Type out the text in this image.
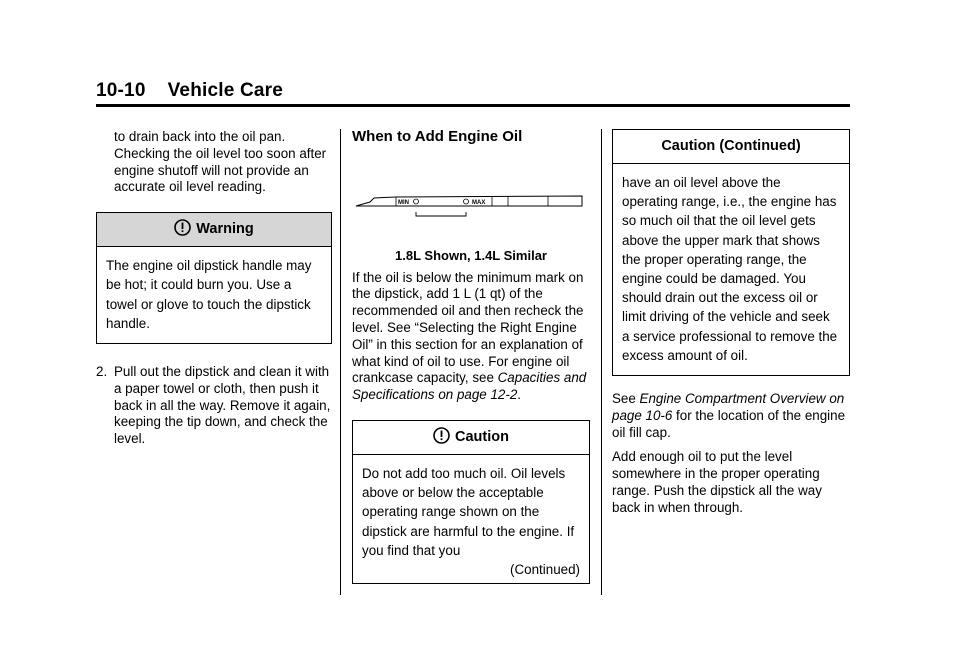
10-10 Vehicle Care

to drain back into the oil pan. Checking the oil level too soon after engine shutoff will not provide an accurate oil level reading.

Warning

The engine oil dipstick handle may be hot; it could burn you. Use a towel or glove to touch the dipstick handle.

2. Pull out the dipstick and clean it with a paper towel or cloth, then push it back in all the way. Remove it again, keeping the tip down, and check the level.
When to Add Engine Oil
MIN	MAX
1.8L Shown, 1.4L Similar

If the oil is below the minimum mark on the dipstick, add 1 L (1 qt) of the recommended oil and then recheck the level. See “Selecting the Right Engine Oil” in this section for an explanation of what kind of oil to use. For engine oil crankcase capacity, see Capacities and Specifications on page 12-2.

Caution

Do not add too much oil. Oil levels above or below the acceptable operating range shown on the dipstick are harmful to the engine. If you find that you

(Continued)

Caution (Continued)

have an oil level above the operating range, i.e., the engine has so much oil that the oil level gets above the upper mark that shows the proper operating range, the engine could be damaged. You should drain out the excess oil or limit driving of the vehicle and seek a service professional to remove the excess amount of oil.

See Engine Compartment Overview on page 10-6 for the location of the engine oil fill cap.

Add enough oil to put the level somewhere in the proper operating range. Push the dipstick all the way back in when through.
